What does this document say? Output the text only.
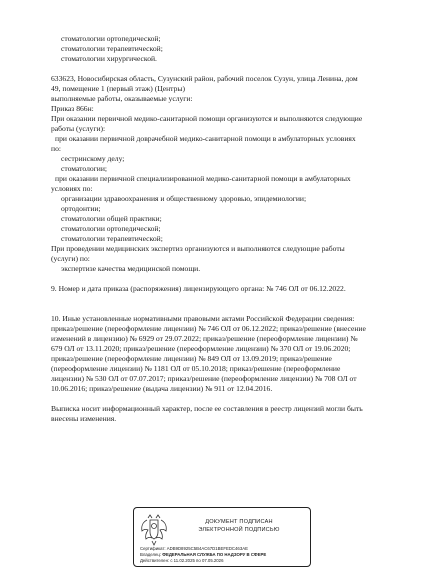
стоматологии ортопедической;
стоматологии терапевтической;
стоматологии хирургической.
633623, Новосибирская область, Сузунский район, рабочий поселок Сузун, улица Ленина, дом
49, помещение 1 (первый этаж) (Центры)
выполняемые работы, оказываемые услуги:
Приказ 866н:
При оказании первичной медико-санитарной помощи организуются и выполняются следующие
работы (услуги):
при оказании первичной доврачебной медико-санитарной помощи в амбулаторных условиях
по:
сестринскому делу;
стоматологии;
при оказании первичной специализированной медико-санитарной помощи в амбулаторных
условиях по:
организации здравоохранения и общественному здоровью, эпидемиологии;
ортодонтии;
стоматологии общей практики;
стоматологии ортопедической;
стоматологии терапевтической;
При проведении медицинских экспертиз организуются и выполняются следующие работы
(услуги) по:
экспертизе качества медицинской помощи.
9. Номер и дата приказа (распоряжения) лицензирующего органа: № 746 ОЛ от 06.12.2022.
10. Иные установленные нормативными правовыми актами Российской Федерации сведения:
приказ/решение (переоформление лицензии) № 746 ОЛ от 06.12.2022; приказ/решение (внесение
изменений в лицензию) № 6929 от 29.07.2022; приказ/решение (переоформление лицензии) №
679 ОЛ от 13.11.2020; приказ/решение (переоформление лицензии) № 370 ОЛ от 19.06.2020;
приказ/решение (переоформление лицензии) № 849 ОЛ от 13.09.2019; приказ/решение
(переоформление лицензии) № 1181 ОЛ от 05.10.2018; приказ/решение (переоформление
лицензии) № 530 ОЛ от 07.07.2017; приказ/решение (переоформление лицензии) № 708 ОЛ от
10.06.2016; приказ/решение (выдача лицензии) № 911 от 12.04.2016.
Выписка носит информационный характер, после ее составления в реестр лицензий могли быть
внесены изменения.
ДОКУМЕНТ ПОДПИСАН
ЭЛЕКТРОННОЙ ПОДПИСЬЮ
Сертификат: ADB9D8925C5B4AC67D1BEFEDC463AE
Владелец: ФЕДЕРАЛЬНАЯ СЛУЖБА ПО НАДЗОРУ В СФЕРЕ
Действителен: с 11.02.2025 по 07.05.2026
